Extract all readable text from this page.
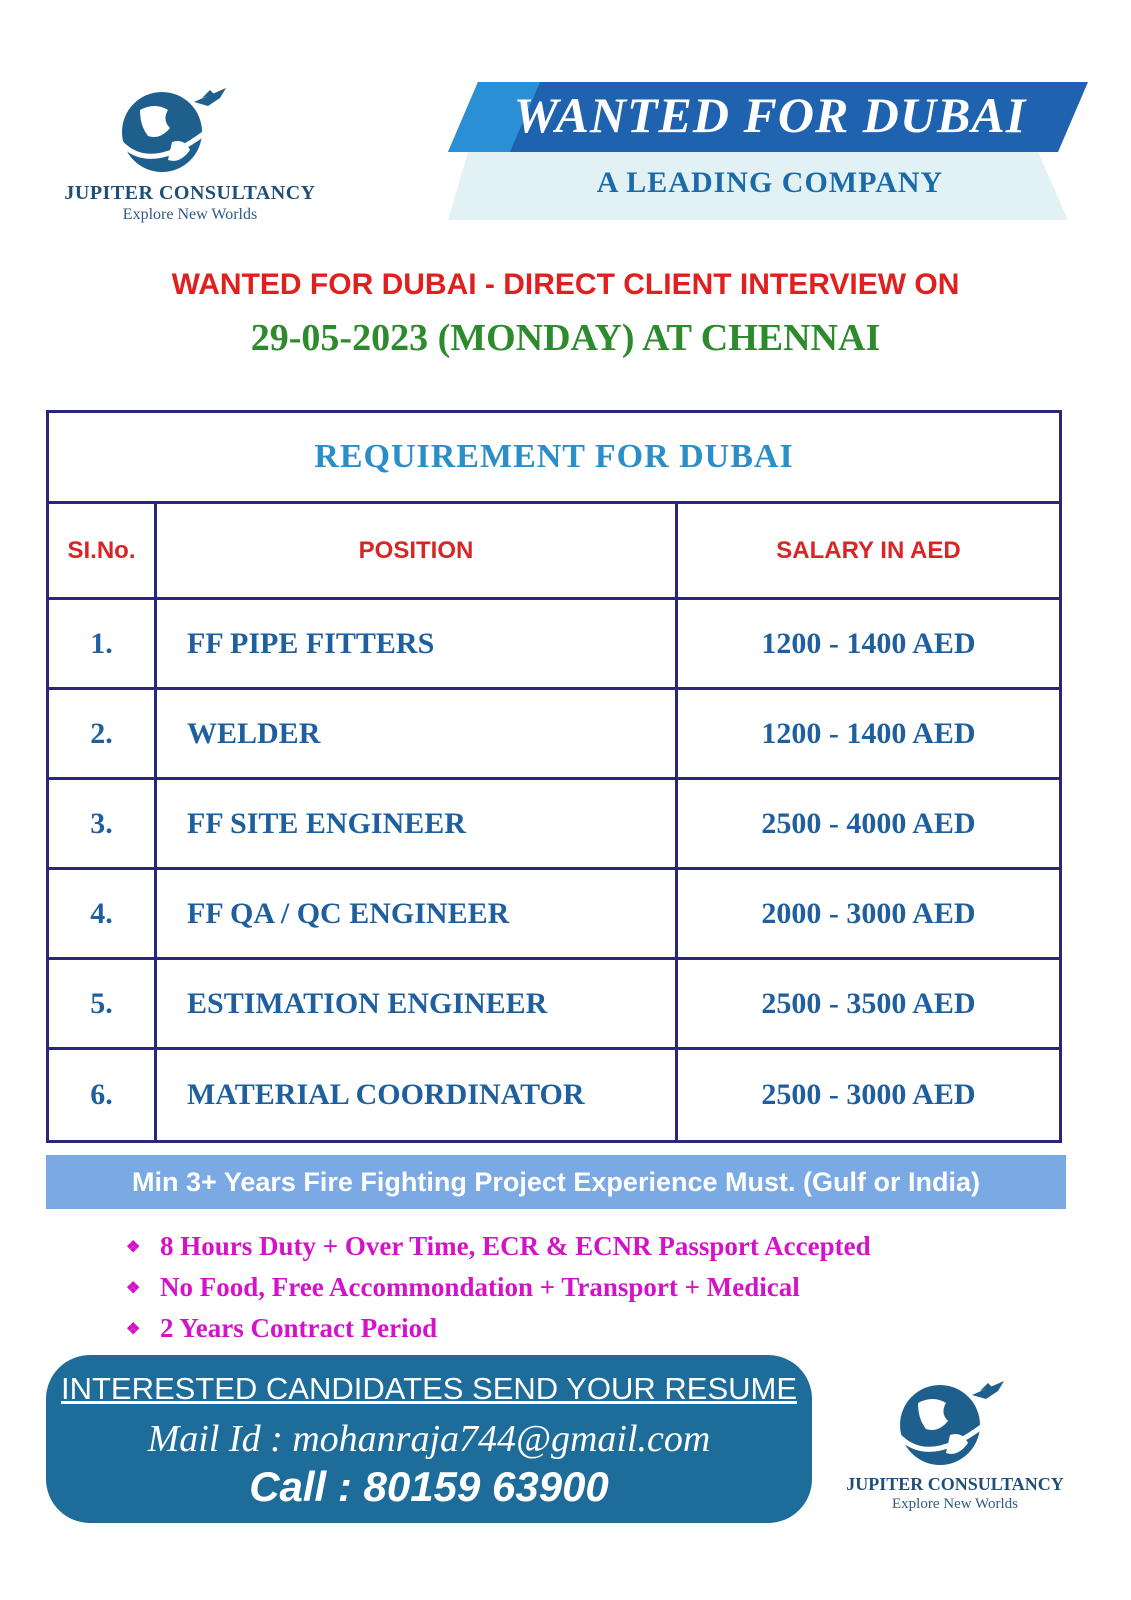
JUPITER CONSULTANCY
Explore New Worlds
WANTED FOR DUBAI
A LEADING COMPANY
WANTED FOR DUBAI - DIRECT CLIENT INTERVIEW ON
29-05-2023 (MONDAY) AT CHENNAI
REQUIREMENT FOR DUBAI
SI.No.	POSITION	SALARY IN AED
1.	FF PIPE FITTERS	1200 - 1400 AED
2.	WELDER	1200 - 1400 AED
3.	FF SITE ENGINEER	2500 - 4000 AED
4.	FF QA / QC ENGINEER	2000 - 3000 AED
5.	ESTIMATION ENGINEER	2500 - 3500 AED
6.	MATERIAL COORDINATOR	2500 - 3000 AED
Min 3+ Years Fire Fighting Project Experience Must. (Gulf or India)
❖ 8 Hours Duty + Over Time, ECR & ECNR Passport Accepted
❖ No Food, Free Accommondation + Transport + Medical
❖ 2 Years Contract Period
INTERESTED CANDIDATES SEND YOUR RESUME
Mail Id : mohanraja744@gmail.com
Call : 80159 63900	JUPITER CONSULTANCY
Explore New Worlds
